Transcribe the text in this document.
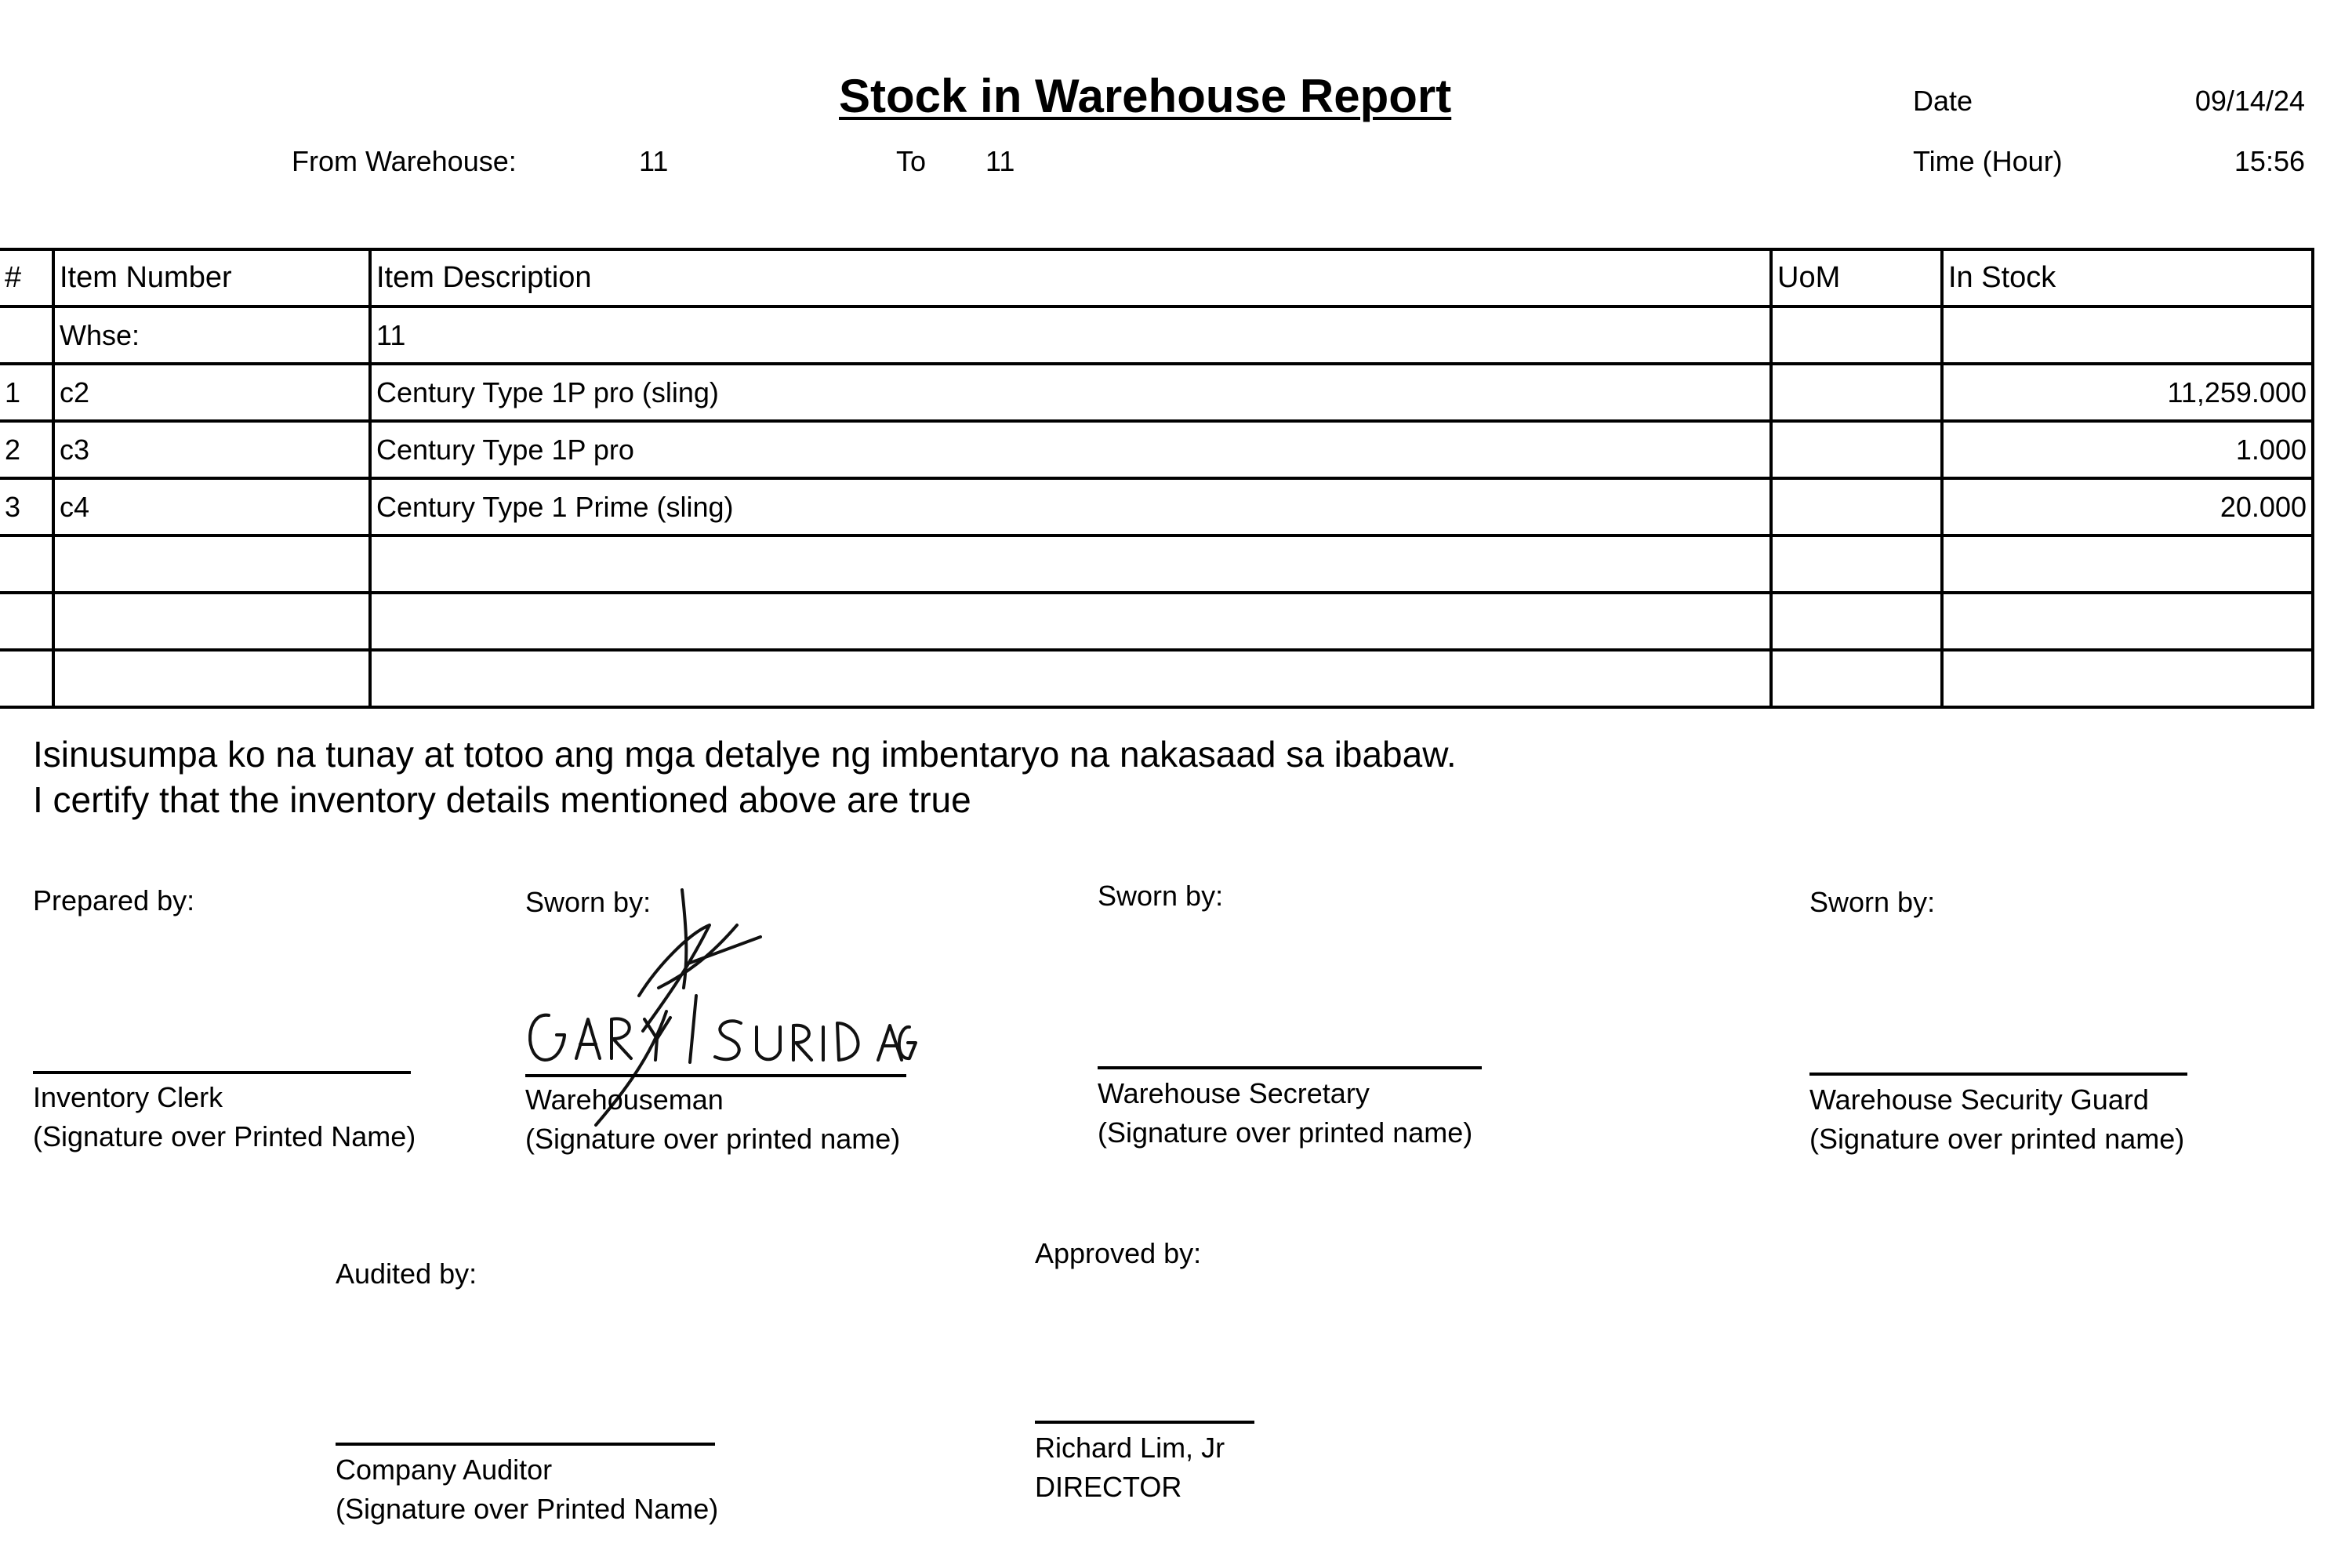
Stock in Warehouse Report
From Warehouse:	11	To 11
Date	09/14/24
Time (Hour)	15:56
#	Item Number	Item Description	UoM	In Stock
	Whse:	11		
1	c2	Century Type 1P pro (sling)		11,259.000
2	c3	Century Type 1P pro		1.000
3	c4	Century Type 1 Prime (sling)		20.000

Isinusumpa ko na tunay at totoo ang mga detalye ng imbentaryo na nakasaad sa ibabaw.
I certify that the inventory details mentioned above are true
Prepared by:
Inventory Clerk
(Signature over Printed Name)
Sworn by:
Warehouseman
(Signature over printed name)
Sworn by:
Warehouse Secretary
(Signature over printed name)
Sworn by:
Warehouse Security Guard
(Signature over printed name)
Audited by:
Company Auditor
(Signature over Printed Name)
Approved by:
Richard Lim, Jr
DIRECTOR
